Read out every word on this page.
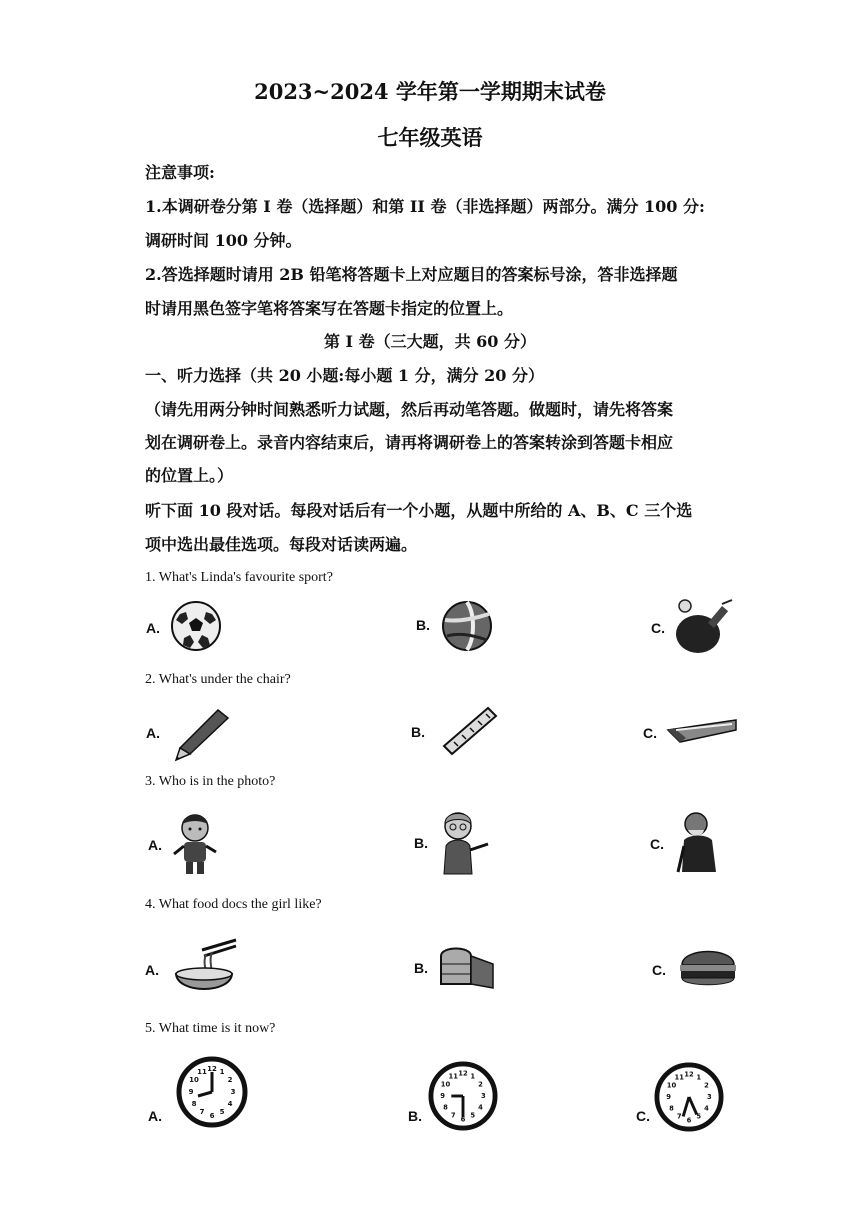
2023~2024 学年第一学期期末试卷
七年级英语
注意事项:
1.本调研卷分第 I 卷（选择题）和第 II 卷（非选择题）两部分。满分 100 分:
调研时间 100 分钟。
2.答选择题时请用 2B 铅笔将答题卡上对应题目的答案标号涂，答非选择题
时请用黑色签字笔将答案写在答题卡指定的位置上。
第 I 卷（三大题，共 60 分）
一、听力选择（共 20 小题:每小题 1 分，满分 20 分）
（请先用两分钟时间熟悉听力试题，然后再动笔答题。做题时，请先将答案
划在调研卷上。录音内容结束后，请再将调研卷上的答案转涂到答题卡相应
的位置上。）
听下面 10 段对话。每段对话后有一个小题，从题中所给的 A、B、C 三个选
项中选出最佳选项。每段对话读两遍。
1. What's Linda's favourite sport?
A.	B.	C.
2. What's under the chair?
A.	B.	C.
3. Who is in the photo?
A.	B.	C.
4. What food docs the girl like?
A.	B.	C.
5. What time is it now?
A.
12 1
2
3
4
5
6
7
8
9
10
11
B.
12 1
2
3
4
5
6
7
8
9
10
11
C.
12 1
2
3
4
5
6
7
8
9
10
11
